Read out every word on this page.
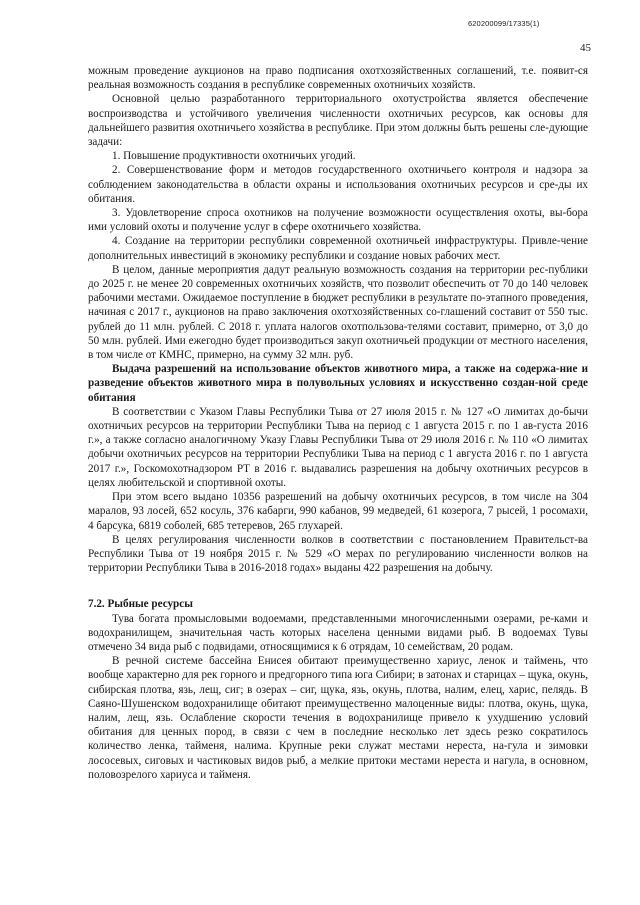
620200099/17335(1)
45

можным проведение аукционов на право подписания охотхозяйственных соглашений, т.е. появит-ся реальная возможность создания в республике современных охотничьих хозяйств.

Основной целью разработанного территориального охотустройства является обеспечение воспроизводства и устойчивого увеличения численности охотничьих ресурсов, как основы для дальнейшего развития охотничьего хозяйства в республике. При этом должны быть решены сле-дующие задачи:

1. Повышение продуктивности охотничьих угодий.

2. Совершенствование форм и методов государственного охотничьего контроля и надзора за соблюдением законодательства в области охраны и использования охотничьих ресурсов и сре-ды их обитания.

3. Удовлетворение спроса охотников на получение возможности осуществления охоты, вы-бора ими условий охоты и получение услуг в сфере охотничьего хозяйства.

4. Создание на территории республики современной охотничьей инфраструктуры. Привле-чение дополнительных инвестиций в экономику республики и создание новых рабочих мест.

В целом, данные мероприятия дадут реальную возможность создания на территории рес-публики до 2025 г. не менее 20 современных охотничьих хозяйств, что позволит обеспечить от 70 до 140 человек рабочими местами. Ожидаемое поступление в бюджет республики в результате по-этапного проведения, начиная с 2017 г., аукционов на право заключения охотхозяйственных со-глашений составит от 550 тыс. рублей до 11 млн. рублей. С 2018 г. уплата налогов охотпользова-телями составит, примерно, от 3,0 до 50 млн. рублей. Ими ежегодно будет производиться закуп охотничьей продукции от местного населения, в том числе от КМНС, примерно, на сумму 32 млн. руб.

Выдача разрешений на использование объектов животного мира, а также на содержа-ние и разведение объектов животного мира в полувольных условиях и искусственно создан-ной среде обитания

В соответствии с Указом Главы Республики Тыва от 27 июля 2015 г. № 127 «О лимитах до-бычи охотничьих ресурсов на территории Республики Тыва на период с 1 августа 2015 г. по 1 ав-густа 2016 г.», а также согласно аналогичному Указу Главы Республики Тыва от 29 июля 2016 г. № 110 «О лимитах добычи охотничьих ресурсов на территории Республики Тыва на период с 1 августа 2016 г. по 1 августа 2017 г.», Госкомохотнадзором РТ в 2016 г. выдавались разрешения на добычу охотничьих ресурсов в целях любительской и спортивной охоты.

При этом всего выдано 10356 разрешений на добычу охотничьих ресурсов, в том числе на 304 маралов, 93 лосей, 652 косуль, 376 кабарги, 990 кабанов, 99 медведей, 61 козерога, 7 рысей, 1 росомахи, 4 барсука, 6819 соболей, 685 тетеревов, 265 глухарей.

В целях регулирования численности волков в соответствии с постановлением Правительст-ва Республики Тыва от 19 ноября 2015 г. № 529 «О мерах по регулированию численности волков на территории Республики Тыва в 2016-2018 годах» выданы 422 разрешения на добычу.

7.2. Рыбные ресурсы

Тува богата промысловыми водоемами, представленными многочисленными озерами, ре-ками и водохранилищем, значительная часть которых населена ценными видами рыб. В водоемах Тувы отмечено 34 вида рыб с подвидами, относящимися к 6 отрядам, 10 семействам, 20 родам.

В речной системе бассейна Енисея обитают преимущественно хариус, ленок и таймень, что вообще характерно для рек горного и предгорного типа юга Сибири; в затонах и старицах – щука, окунь, сибирская плотва, язь, лещ, сиг; в озерах – сиг, щука, язь, окунь, плотва, налим, елец, харис, пелядь. В Саяно-Шушенском водохранилище обитают преимущественно малоценные виды: плотва, окунь, щука, налим, лещ, язь. Ослабление скорости течения в водохранилище привело к ухудшению условий обитания для ценных пород, в связи с чем в последние несколько лет здесь резко сократилось количество ленка, тайменя, налима. Крупные реки служат местами нереста, на-гула и зимовки лососевых, сиговых и частиковых видов рыб, а мелкие притоки местами нереста и нагула, в основном, половозрелого хариуса и тайменя.
